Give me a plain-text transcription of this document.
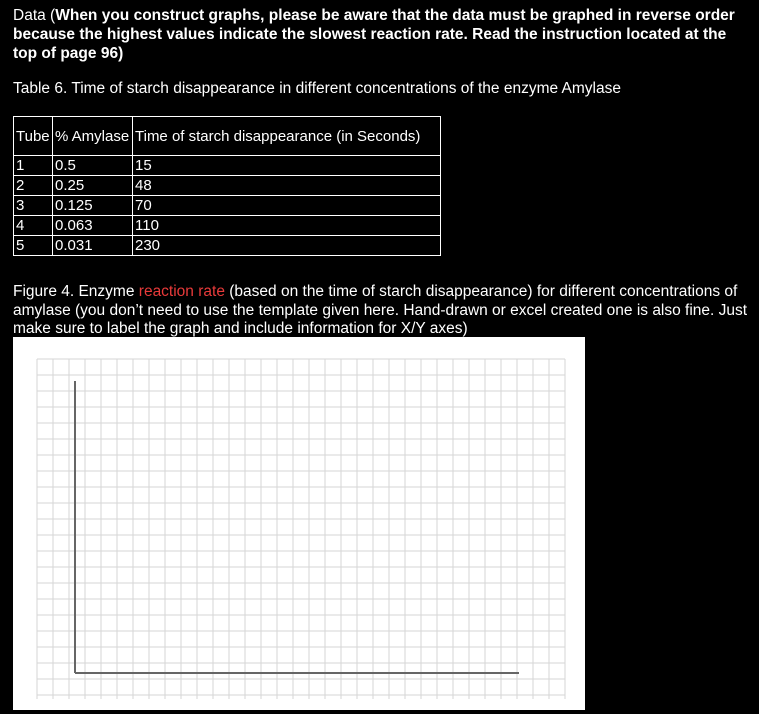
Data (When you construct graphs, please be aware that the data must be graphed in reverse order because the highest values indicate the slowest reaction rate. Read the instruction located at the top of page 96)

Table 6. Time of starch disappearance in different concentrations of the enzyme Amylase

Tube	% Amylase	Time of starch disappearance (in Seconds)
1	0.5	15
2	0.25	48
3	0.125	70
4	0.063	110
5	0.031	230

Figure 4. Enzyme reaction rate (based on the time of starch disappearance) for different concentrations of amylase (you don’t need to use the template given here. Hand-drawn or excel created one is also fine. Just make sure to label the graph and include information for X/Y axes)
